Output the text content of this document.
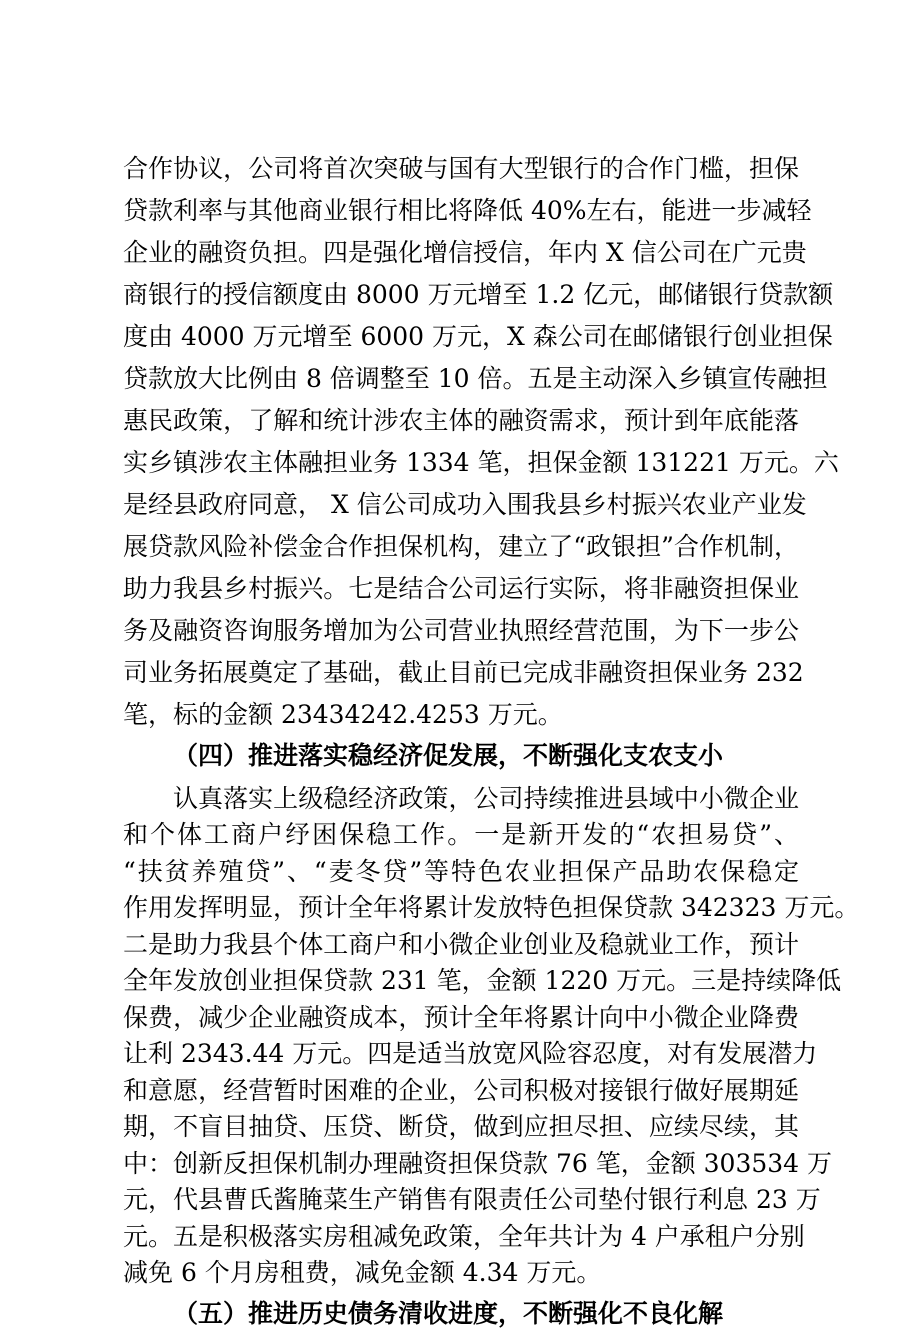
合作协议，公司将首次突破与国有大型银行的合作门槛，担保
贷款利率与其他商业银行相比将降低 40%左右，能进一步减轻
企业的融资负担。四是强化增信授信，年内 X 信公司在广元贵
商银行的授信额度由 8000 万元增至 1.2 亿元，邮储银行贷款额
度由 4000 万元增至 6000 万元，X 森公司在邮储银行创业担保
贷款放大比例由 8 倍调整至 10 倍。五是主动深入乡镇宣传融担
惠民政策，了解和统计涉农主体的融资需求，预计到年底能落
实乡镇涉农主体融担业务 1334 笔，担保金额 131221 万元。六
是经县政府同意， X 信公司成功入围我县乡村振兴农业产业发
展贷款风险补偿金合作担保机构，建立了“政银担”合作机制，
助力我县乡村振兴。七是结合公司运行实际，将非融资担保业
务及融资咨询服务增加为公司营业执照经营范围，为下一步公
司业务拓展奠定了基础，截止目前已完成非融资担保业务 232
笔，标的金额 23434242.4253 万元。
（四）推进落实稳经济促发展，不断强化支农支小
认真落实上级稳经济政策，公司持续推进县域中小微企业
和个体工商户纾困保稳工作。一是新开发的“农担易贷”、
“扶贫养殖贷”、“麦冬贷”等特色农业担保产品助农保稳定
作用发挥明显，预计全年将累计发放特色担保贷款 342323 万元。
二是助力我县个体工商户和小微企业创业及稳就业工作，预计
全年发放创业担保贷款 231 笔，金额 1220 万元。三是持续降低
保费，减少企业融资成本，预计全年将累计向中小微企业降费
让利 2343.44 万元。四是适当放宽风险容忍度，对有发展潜力
和意愿，经营暂时困难的企业，公司积极对接银行做好展期延
期，不盲目抽贷、压贷、断贷，做到应担尽担、应续尽续，其
中：创新反担保机制办理融资担保贷款 76 笔，金额 303534 万
元，代县曹氏酱腌菜生产销售有限责任公司垫付银行利息 23 万
元。五是积极落实房租减免政策，全年共计为 4 户承租户分别
减免 6 个月房租费，减免金额 4.34 万元。
（五）推进历史债务清收进度，不断强化不良化解
